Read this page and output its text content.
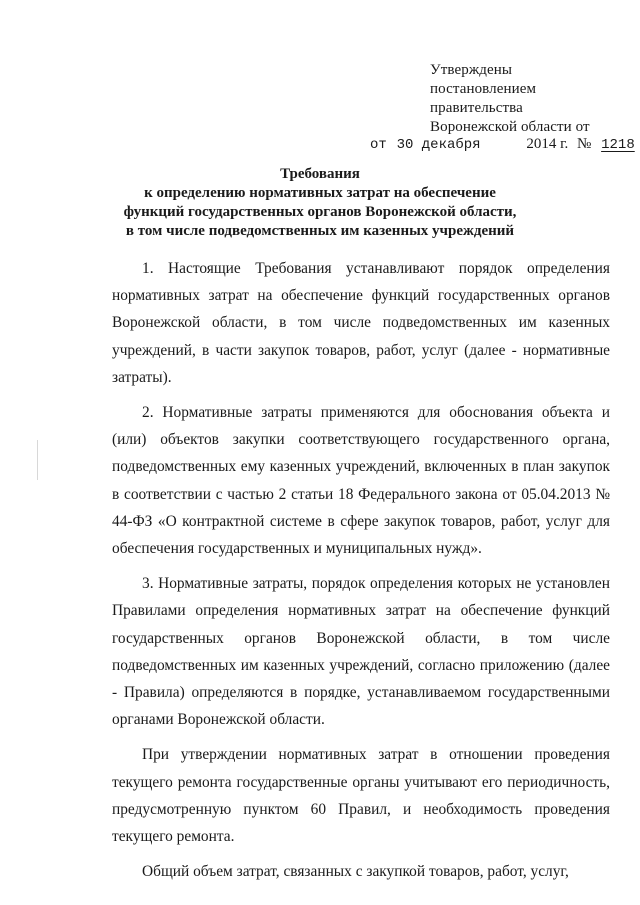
Утверждены
постановлением
правительства
Воронежской области от
от 30 декабря	2014 г. № 1218
Требования
к определению нормативных затрат на обеспечение
функций государственных органов Воронежской области,
в том числе подведомственных им казенных учреждений

1. Настоящие Требования устанавливают порядок определения нормативных затрат на обеспечение функций государственных органов Воронежской области, в том числе подведомственных им казенных учреждений, в части закупок товаров, работ, услуг (далее - нормативные затраты).

2. Нормативные затраты применяются для обоснования объекта и (или) объектов закупки соответствующего государственного органа, подведомственных ему казенных учреждений, включенных в план закупок в соответствии с частью 2 статьи 18 Федерального закона от 05.04.2013 № 44-ФЗ «О контрактной системе в сфере закупок товаров, работ, услуг для обеспечения государственных и муниципальных нужд».

3. Нормативные затраты, порядок определения которых не установлен Правилами определения нормативных затрат на обеспечение функций государственных органов Воронежской области, в том числе подведомственных им казенных учреждений, согласно приложению (далее - Правила) определяются в порядке, устанавливаемом государственными органами Воронежской области.

При утверждении нормативных затрат в отношении проведения текущего ремонта государственные органы учитывают его периодичность, предусмотренную пунктом 60 Правил, и необходимость проведения текущего ремонта.

Общий объем затрат, связанных с закупкой товаров, работ, услуг,
